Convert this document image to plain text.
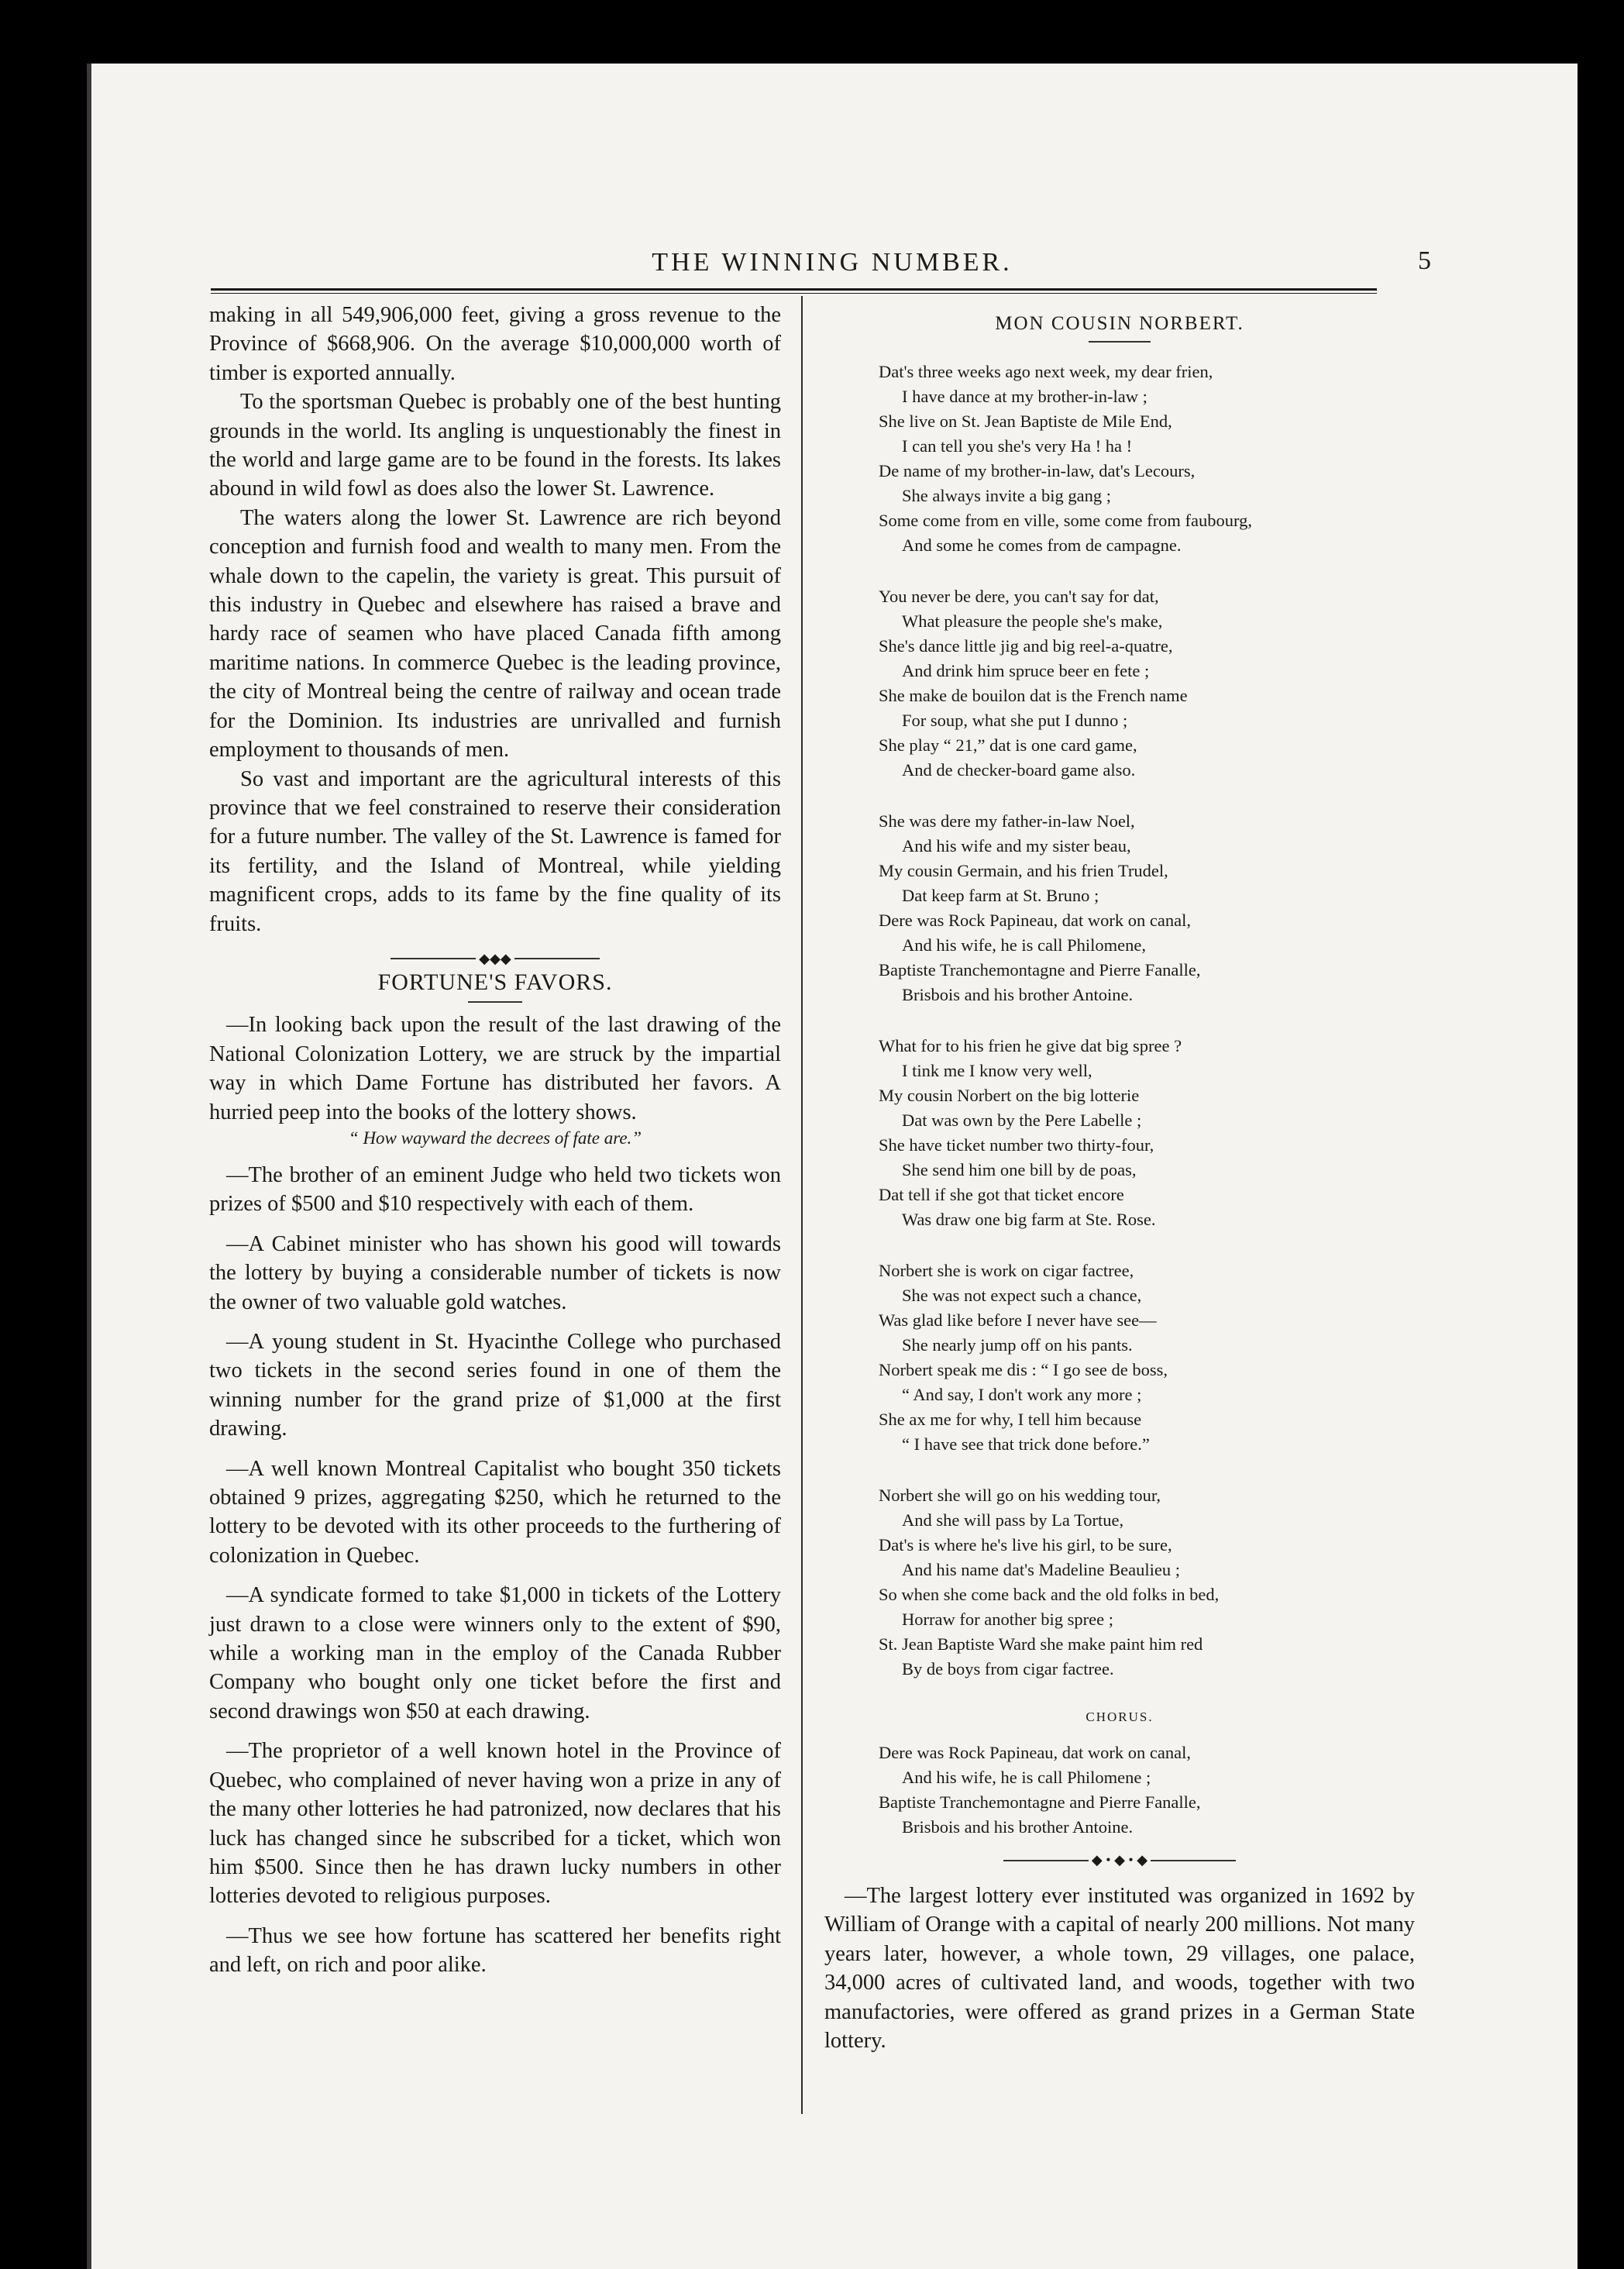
THE WINNING NUMBER.	5

making in all 549,906,000 feet, giving a gross revenue to the Province of $668,906. On the average $10,000,000 worth of timber is exported annually.

To the sportsman Quebec is probably one of the best hunting grounds in the world. Its angling is unquestionably the finest in the world and large game are to be found in the forests. Its lakes abound in wild fowl as does also the lower St. Lawrence.

The waters along the lower St. Lawrence are rich beyond conception and furnish food and wealth to many men. From the whale down to the capelin, the variety is great. This pursuit of this industry in Quebec and elsewhere has raised a brave and hardy race of seamen who have placed Canada fifth among maritime nations. In commerce Quebec is the leading province, the city of Montreal being the centre of railway and ocean trade for the Dominion. Its industries are unrivalled and furnish employment to thousands of men.

So vast and important are the agricultural interests of this province that we feel constrained to reserve their consideration for a future number. The valley of the St. Lawrence is famed for its fertility, and the Island of Montreal, while yielding magnificent crops, adds to its fame by the fine quality of its fruits.

◆◆◆
FORTUNE'S FAVORS.

—In looking back upon the result of the last drawing of the National Colonization Lottery, we are struck by the impartial way in which Dame Fortune has distributed her favors. A hurried peep into the books of the lottery shows.

“ How wayward the decrees of fate are.”

—The brother of an eminent Judge who held two tickets won prizes of $500 and $10 respectively with each of them.

—A Cabinet minister who has shown his good will towards the lottery by buying a considerable number of tickets is now the owner of two valuable gold watches.

—A young student in St. Hyacinthe College who purchased two tickets in the second series found in one of them the winning number for the grand prize of $1,000 at the first drawing.

—A well known Montreal Capitalist who bought 350 tickets obtained 9 prizes, aggregating $250, which he returned to the lottery to be devoted with its other proceeds to the furthering of colonization in Quebec.

—A syndicate formed to take $1,000 in tickets of the Lottery just drawn to a close were winners only to the extent of $90, while a working man in the employ of the Canada Rubber Company who bought only one ticket before the first and second drawings won $50 at each drawing.

—The proprietor of a well known hotel in the Province of Quebec, who complained of never having won a prize in any of the many other lotteries he had patronized, now declares that his luck has changed since he subscribed for a ticket, which won him $500. Since then he has drawn lucky numbers in other lotteries devoted to religious purposes.

—Thus we see how fortune has scattered her benefits right and left, on rich and poor alike.

MON COUSIN NORBERT.
Dat's three weeks ago next week, my dear frien,
I have dance at my brother-in-law ;
She live on St. Jean Baptiste de Mile End,
I can tell you she's very Ha ! ha !
De name of my brother-in-law, dat's Lecours,
She always invite a big gang ;
Some come from en ville, some come from faubourg,
And some he comes from de campagne.
You never be dere, you can't say for dat,
What pleasure the people she's make,
She's dance little jig and big reel-a-quatre,
And drink him spruce beer en fete ;
She make de bouilon dat is the French name
For soup, what she put I dunno ;
She play “ 21,” dat is one card game,
And de checker-board game also.
She was dere my father-in-law Noel,
And his wife and my sister beau,
My cousin Germain, and his frien Trudel,
Dat keep farm at St. Bruno ;
Dere was Rock Papineau, dat work on canal,
And his wife, he is call Philomene,
Baptiste Tranchemontagne and Pierre Fanalle,
Brisbois and his brother Antoine.
What for to his frien he give dat big spree ?
I tink me I know very well,
My cousin Norbert on the big lotterie
Dat was own by the Pere Labelle ;
She have ticket number two thirty-four,
She send him one bill by de poas,
Dat tell if she got that ticket encore
Was draw one big farm at Ste. Rose.
Norbert she is work on cigar factree,
She was not expect such a chance,
Was glad like before I never have see—
She nearly jump off on his pants.
Norbert speak me dis : “ I go see de boss,
“ And say, I don't work any more ;
She ax me for why, I tell him because
“ I have see that trick done before.”
Norbert she will go on his wedding tour,
And she will pass by La Tortue,
Dat's is where he's live his girl, to be sure,
And his name dat's Madeline Beaulieu ;
So when she come back and the old folks in bed,
Horraw for another big spree ;
St. Jean Baptiste Ward she make paint him red
By de boys from cigar factree.
CHORUS.
Dere was Rock Papineau, dat work on canal,
And his wife, he is call Philomene ;
Baptiste Tranchemontagne and Pierre Fanalle,
Brisbois and his brother Antoine.
◆ • ◆ • ◆

—The largest lottery ever instituted was organized in 1692 by William of Orange with a capital of nearly 200 millions. Not many years later, however, a whole town, 29 villages, one palace, 34,000 acres of cultivated land, and woods, together with two manufactories, were offered as grand prizes in a German State lottery.
